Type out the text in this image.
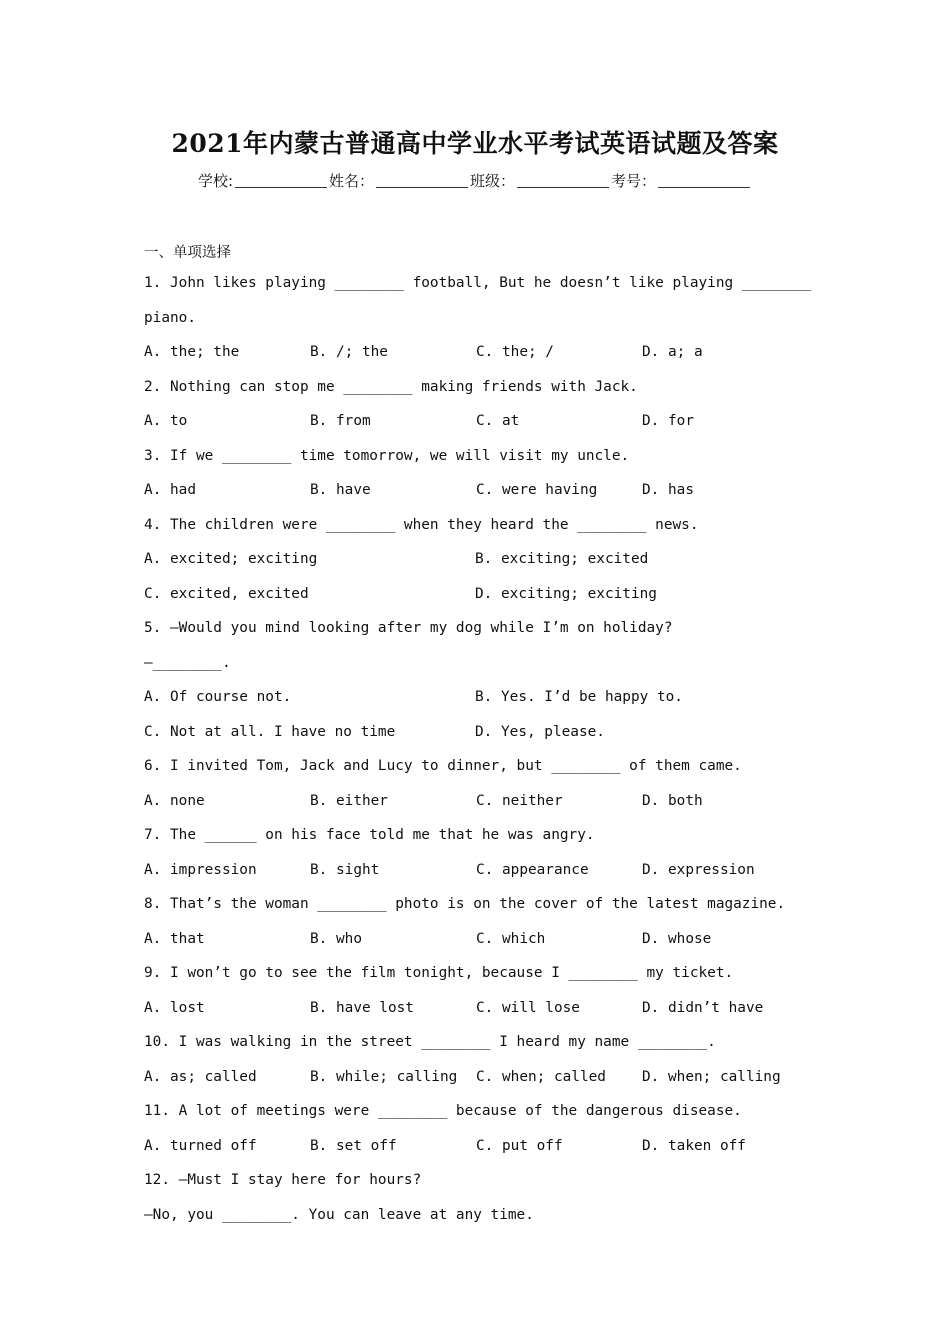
2021年内蒙古普通高中学业水平考试英语试题及答案
学校:	姓名：	班级：	考号：
一、单项选择
1. John likes playing ________ football, But he doesn’t like playing ________
piano.
A. the; the	B. /; the	C. the; /	D. a; a
2. Nothing can stop me ________ making friends with Jack.
A. to	B. from	C. at	D. for
3. If we ________ time tomorrow, we will visit my uncle.
A. had	B. have	C. were having	D. has
4. The children were ________ when they heard the ________ news.
A. excited; exciting	B. exciting; excited
C. excited, excited	D. exciting; exciting
5. —Would you mind looking after my dog while I’m on holiday?
—________.
A. Of course not.	B. Yes. I’d be happy to.
C. Not at all. I have no time	D. Yes, please.
6. I invited Tom, Jack and Lucy to dinner, but ________ of them came.
A. none	B. either	C. neither	D. both
7. The ______ on his face told me that he was angry.
A. impression	B. sight	C. appearance	D. expression
8. That’s the woman ________ photo is on the cover of the latest magazine.
A. that	B. who	C. which	D. whose
9. I won’t go to see the film tonight, because I ________ my ticket.
A. lost	B. have lost	C. will lose	D. didn’t have
10. I was walking in the street ________ I heard my name ________.
A. as; called	B. while; calling	C. when; called	D. when; calling
11. A lot of meetings were ________ because of the dangerous disease.
A. turned off	B. set off	C. put off	D. taken off
12. —Must I stay here for hours?
—No, you ________. You can leave at any time.
